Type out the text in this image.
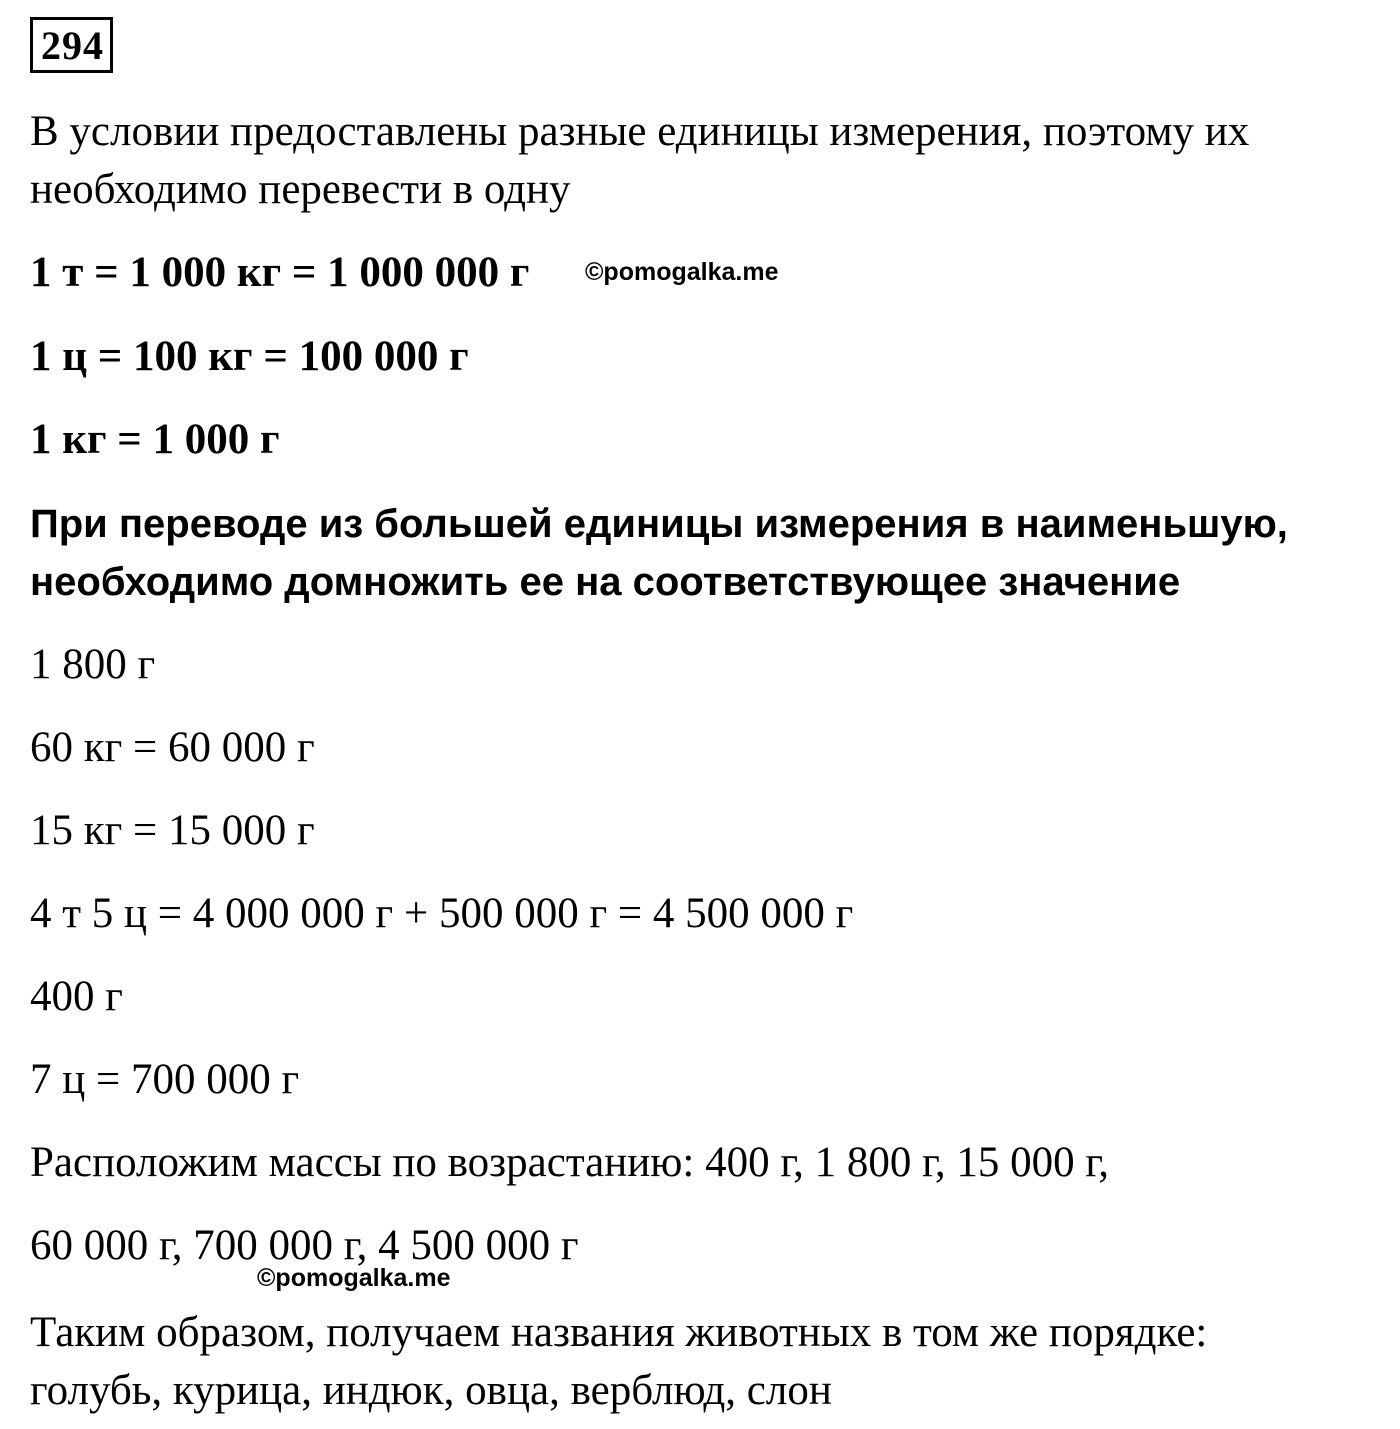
294
В условии предоставлены разные единицы измерения, поэтому их
необходимо перевести в одну
1 т = 1 000 кг = 1 000 000 г ©pomogalka.me
1 ц = 100 кг = 100 000 г
1 кг = 1 000 г
При переводе из большей единицы измерения в наименьшую,
необходимо домножить ее на соответствующее значение
1 800 г
60 кг = 60 000 г
15 кг = 15 000 г
4 т 5 ц = 4 000 000 г + 500 000 г = 4 500 000 г
400 г
7 ц = 700 000 г
Расположим массы по возрастанию: 400 г, 1 800 г, 15 000 г,
60 000 г, 700 000 г, 4 500 000 г
©pomogalka.me
Таким образом, получаем названия животных в том же порядке:
голубь, курица, индюк, овца, верблюд, слон
